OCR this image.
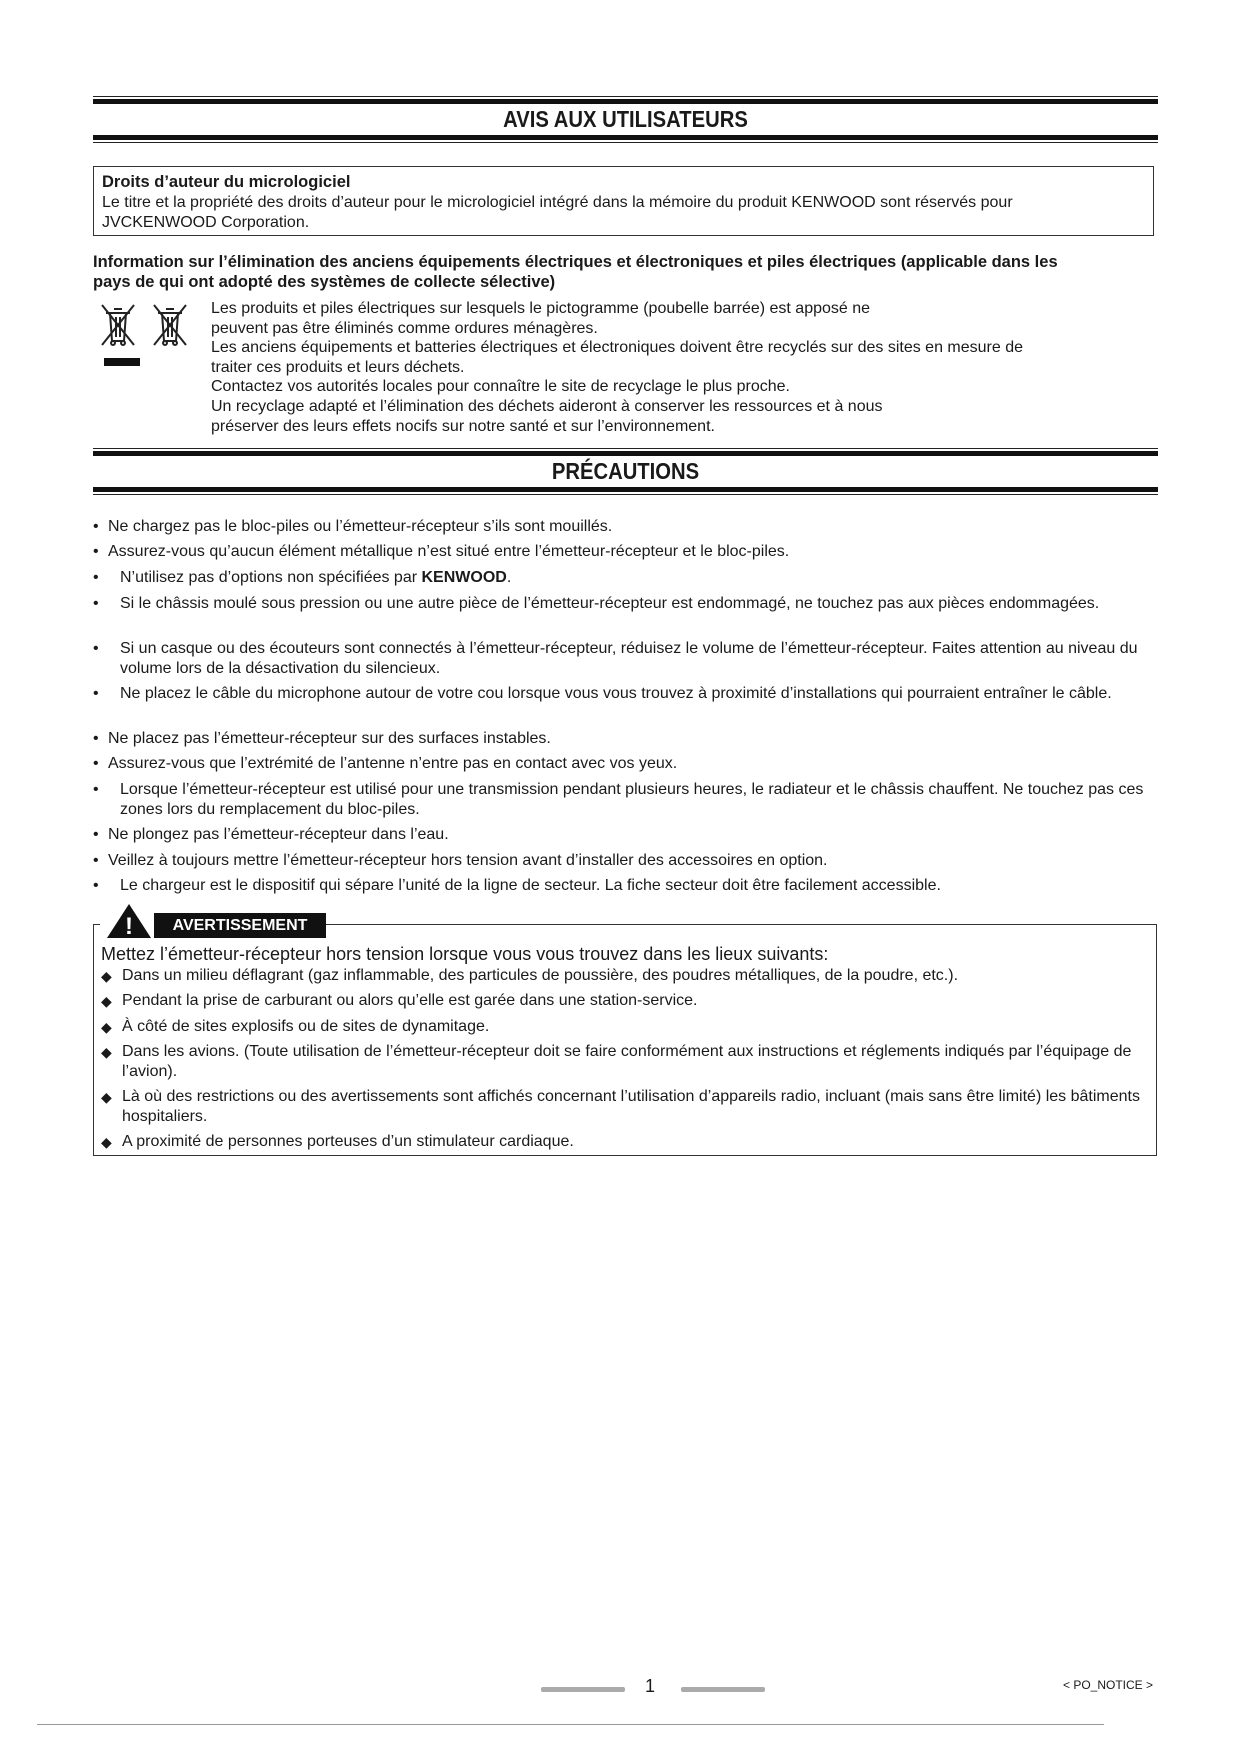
AVIS AUX UTILISATEURS
Droits d’auteur du micrologiciel
Le titre et la propriété des droits d’auteur pour le micrologiciel intégré dans la mémoire du produit KENWOOD sont réservés pour
JVCKENWOOD Corporation.
Information sur l’élimination des anciens équipements électriques et électroniques et piles électriques (applicable dans les
pays de qui ont adopté des systèmes de collecte sélective)
Les produits et piles électriques sur lesquels le pictogramme (poubelle barrée) est apposé ne
peuvent pas être éliminés comme ordures ménagères.
Les anciens équipements et batteries électriques et électroniques doivent être recyclés sur des sites en mesure de
traiter ces produits et leurs déchets.
Contactez vos autorités locales pour connaître le site de recyclage le plus proche.
Un recyclage adapté et l’élimination des déchets aideront à conserver les ressources et à nous
préserver des leurs effets nocifs sur notre santé et sur l’environnement.
PRÉCAUTIONS
• Ne chargez pas le bloc-piles ou l’émetteur-récepteur s’ils sont mouillés.
• Assurez-vous qu’aucun élément métallique n’est situé entre l’émetteur-récepteur et le bloc-piles.
•	N’utilisez pas d’options non spécifiées par KENWOOD.
•	Si le châssis moulé sous pression ou une autre pièce de l’émetteur-récepteur est endommagé, ne touchez pas aux pièces endommagées.
•	Si un casque ou des écouteurs sont connectés à l’émetteur-récepteur, réduisez le volume de l’émetteur-récepteur. Faites attention au niveau du volume lors de la désactivation du silencieux.
•	Ne placez le câble du microphone autour de votre cou lorsque vous vous trouvez à proximité d’installations qui pourraient entraîner le câble.
• Ne placez pas l’émetteur-récepteur sur des surfaces instables.
• Assurez-vous que l’extrémité de l’antenne n’entre pas en contact avec vos yeux.
•	Lorsque l’émetteur-récepteur est utilisé pour une transmission pendant plusieurs heures, le radiateur et le châssis chauffent. Ne touchez pas ces zones lors du remplacement du bloc-piles.
• Ne plongez pas l’émetteur-récepteur dans l’eau.
• Veillez à toujours mettre l’émetteur-récepteur hors tension avant d’installer des accessoires en option.
•	Le chargeur est le dispositif qui sépare l’unité de la ligne de secteur. La fiche secteur doit être facilement accessible.
!	AVERTISSEMENT
Mettez l’émetteur-récepteur hors tension lorsque vous vous trouvez dans les lieux suivants:
◆ Dans un milieu déflagrant (gaz inflammable, des particules de poussière, des poudres métalliques, de la poudre, etc.).
◆ Pendant la prise de carburant ou alors qu’elle est garée dans une station-service.
◆ À côté de sites explosifs ou de sites de dynamitage.
◆ Dans les avions. (Toute utilisation de l’émetteur-récepteur doit se faire conformément aux instructions et réglements indiqués par l’équipage de l’avion).
◆ Là où des restrictions ou des avertissements sont affichés concernant l’utilisation d’appareils radio, incluant (mais sans être limité) les bâtiments hospitaliers.
◆ A proximité de personnes porteuses d’un stimulateur cardiaque.
1	< PO_NOTICE >
